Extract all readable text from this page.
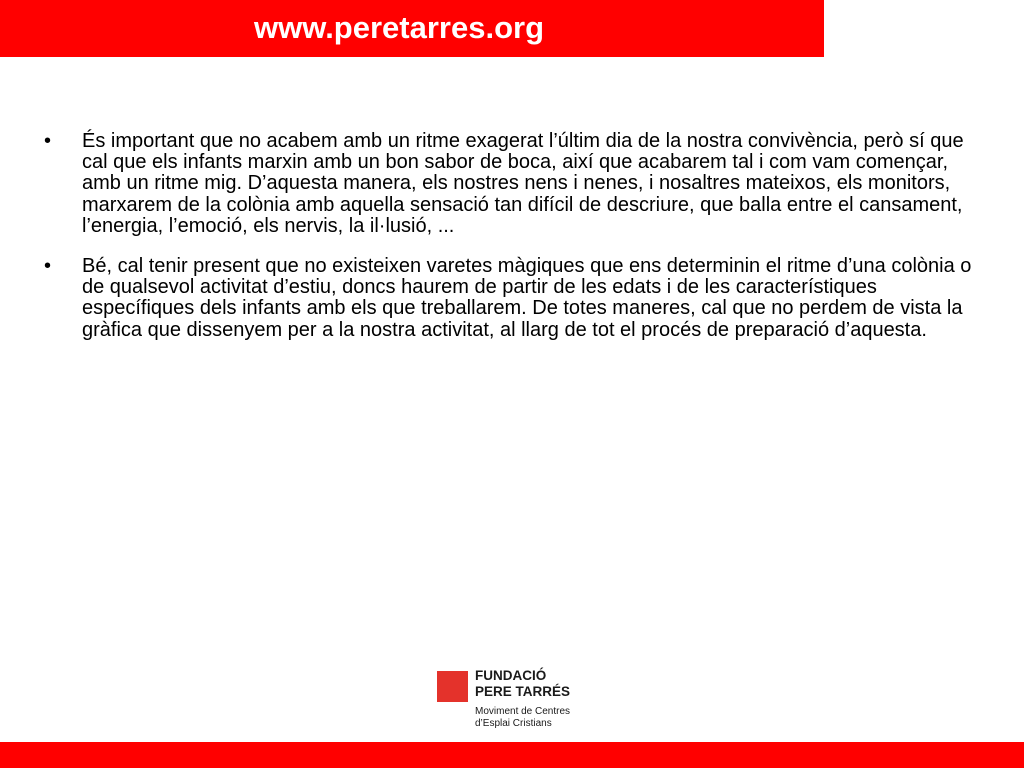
www.peretarres.org
• És important que no acabem amb un ritme exagerat l’últim dia de la nostra convivència, però sí que cal que els infants marxin amb un bon sabor de boca, així que acabarem tal i com vam començar, amb un ritme mig. D’aquesta manera, els nostres nens i nenes, i nosaltres mateixos, els monitors, marxarem de la colònia amb aquella sensació tan difícil de descriure, que balla entre el cansament, l’energia, l’emoció, els nervis, la il·lusió, ...
• Bé, cal tenir present que no existeixen varetes màgiques que ens determinin el ritme d’una colònia o de qualsevol activitat d’estiu, doncs haurem de partir de les edats i de les característiques específiques dels infants amb els que treballarem. De totes maneres, cal que no perdem de vista la gràfica que dissenyem per a la nostra activitat, al llarg de tot el procés de preparació d’aquesta.
FUNDACIÓ
PERE TARRÉS
Moviment de Centres
d’Esplai Cristians
